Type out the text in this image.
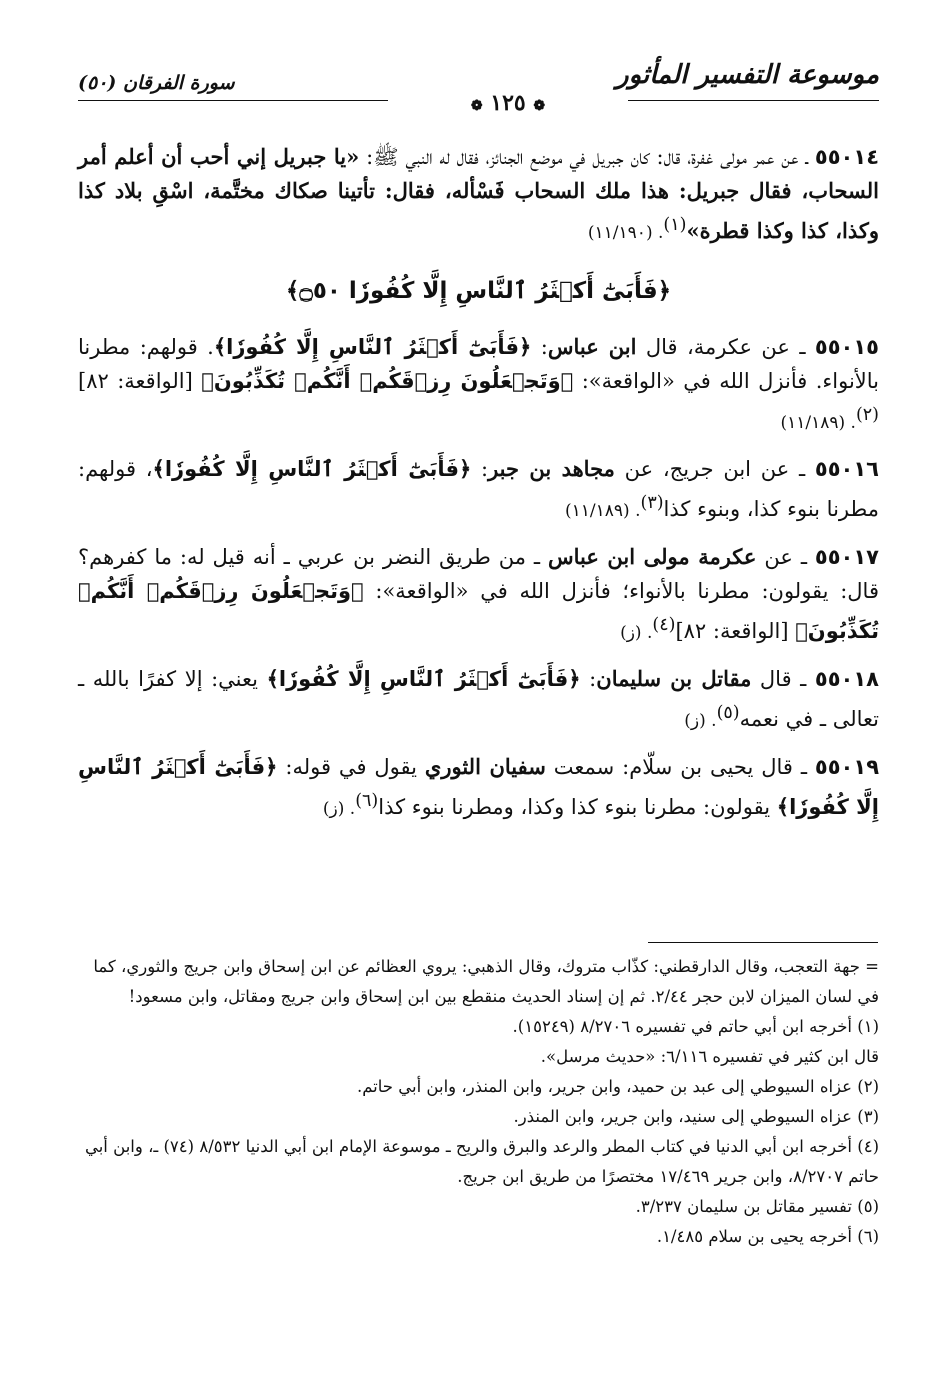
موسوعة التفسير المأثور
سورة الفرقان (٥٠)
❁ ١٢٥ ❁

٥٥٠١٤ ـ عن عمر مولى غفرة، قال: كان جبريل في موضع الجنائز، فقال له النبي ﷺ: «يا جبريل إني أحب أن أعلم أمر السحاب، فقال جبريل: هذا ملك السحاب فَسْأله، فقال: تأتينا صكاك مختَّمة، اسْقِ بلاد كذا وكذا، كذا وكذا قطرة»$^{(١)}$. (١١/١٩٠)

﴿فَأَبَىٰٓ أَكۡثَرُ ٱلنَّاسِ إِلَّا كُفُورٗا ۝٥٠﴾

٥٥٠١٥ ـ عن عكرمة، قال ابن عباس: ﴿فَأَبَىٰٓ أَكۡثَرُ ٱلنَّاسِ إِلَّا كُفُورٗا﴾. قولهم: مطرنا بالأنواء. فأنزل الله في «الواقعة»: ﴿وَتَجۡعَلُونَ رِزۡقَكُمۡ أَنَّكُمۡ تُكَذِّبُونَ﴾ [الواقعة: ٨٢]$^{(٢)}$. (١١/١٨٩)

٥٥٠١٦ ـ عن ابن جريج، عن مجاهد بن جبر: ﴿فَأَبَىٰٓ أَكۡثَرُ ٱلنَّاسِ إِلَّا كُفُورٗا﴾، قولهم: مطرنا بنوء كذا، وبنوء كذا$^{(٣)}$. (١١/١٨٩)

٥٥٠١٧ ـ عن عكرمة مولى ابن عباس ـ من طريق النضر بن عربي ـ أنه قيل له: ما كفرهم؟ قال: يقولون: مطرنا بالأنواء؛ فأنزل الله في «الواقعة»: ﴿وَتَجۡعَلُونَ رِزۡقَكُمۡ أَنَّكُمۡ تُكَذِّبُونَ﴾ [الواقعة: ٨٢]$^{(٤)}$. (ز)

٥٥٠١٨ ـ قال مقاتل بن سليمان: ﴿فَأَبَىٰٓ أَكۡثَرُ ٱلنَّاسِ إِلَّا كُفُورٗا﴾ يعني: إلا كفرًا بالله ـ تعالى ـ في نعمه$^{(٥)}$. (ز)

٥٥٠١٩ ـ قال يحيى بن سلّام: سمعت سفيان الثوري يقول في قوله: ﴿فَأَبَىٰٓ أَكۡثَرُ ٱلنَّاسِ إِلَّا كُفُورٗا﴾ يقولون: مطرنا بنوء كذا وكذا، ومطرنا بنوء كذا$^{(٦)}$. (ز)

= جهة التعجب، وقال الدارقطني: كذّاب متروك، وقال الذهبي: يروي العظائم عن ابن إسحاق وابن جريج والثوري، كما في لسان الميزان لابن حجر ٢/٤٤. ثم إن إسناد الحديث منقطع بين ابن إسحاق وابن جريج ومقاتل، وابن مسعود!

(١) أخرجه ابن أبي حاتم في تفسيره ٨/٢٧٠٦ (١٥٢٤٩).

قال ابن كثير في تفسيره ٦/١١٦: «حديث مرسل».

(٢) عزاه السيوطي إلى عبد بن حميد، وابن جرير، وابن المنذر، وابن أبي حاتم.

(٣) عزاه السيوطي إلى سنيد، وابن جرير، وابن المنذر.

(٤) أخرجه ابن أبي الدنيا في كتاب المطر والرعد والبرق والريح ـ موسوعة الإمام ابن أبي الدنيا ٨/٥٣٢ (٧٤) ـ، وابن أبي حاتم ٨/٢٧٠٧، وابن جرير ١٧/٤٦٩ مختصرًا من طريق ابن جريج.

(٥) تفسير مقاتل بن سليمان ٣/٢٣٧.

(٦) أخرجه يحيى بن سلام ١/٤٨٥.
